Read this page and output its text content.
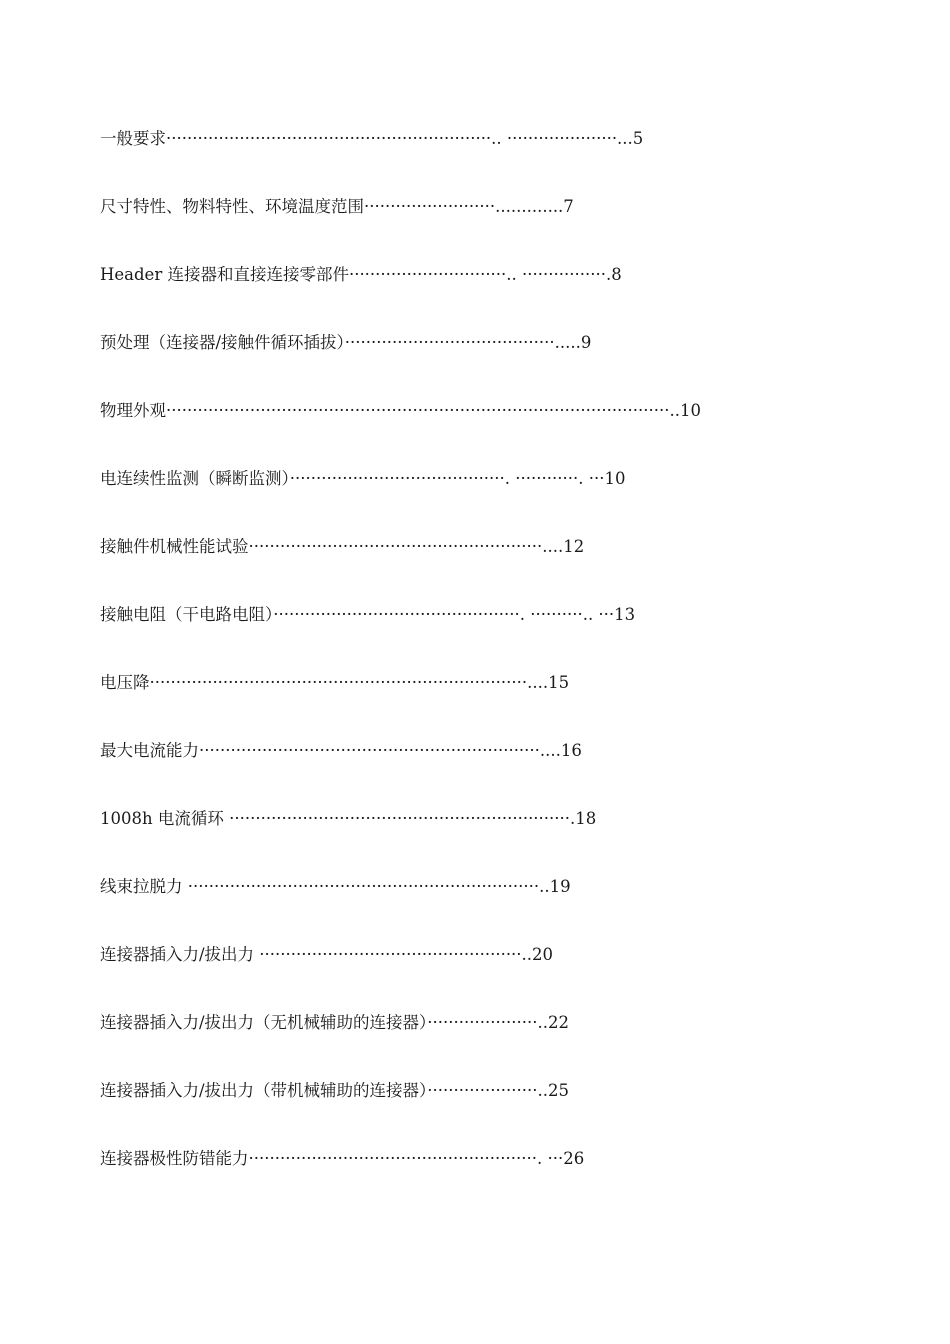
一般要求······························································.. ·····················...5
尺寸特性、物料特性、环境温度范围·························.............7
Header 连接器和直接连接零部件······························.. ················.8
预处理（连接器/接触件循环插拔）········································.....9
物理外观································································································..10
电连续性监测（瞬断监测）·········································. ············. ···10
接触件机械性能试验························································....12
接触电阻（干电路电阻）···············································. ··········.. ···13
电压降········································································....15
最大电流能力·································································....16
1008h 电流循环 ·································································.18
线束拉脱力 ···································································..19
连接器插入力/拔出力 ··················································..20
连接器插入力/拔出力（无机械辅助的连接器）·····················..22
连接器插入力/拔出力（带机械辅助的连接器）·····················..25
连接器极性防错能力·······················································. ···26
